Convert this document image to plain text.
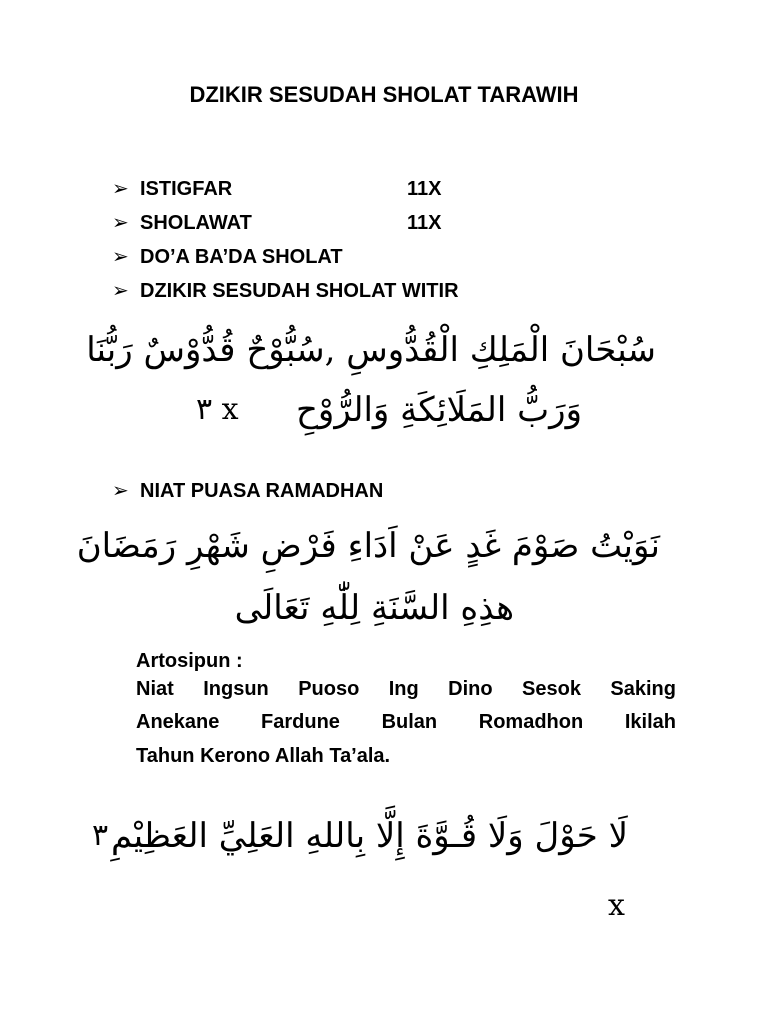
DZIKIR SESUDAH SHOLAT TARAWIH
➢ ISTIGFAR	11X
➢ SHOLAWAT	11X
➢ DO’A BA’DA SHOLAT
➢ DZIKIR SESUDAH SHOLAT WITIR
سُبْحَانَ الْمَلِكِ الْقُدُّوسِ ,سُبُّوْحٌ قُدُّوْسٌ رَبُّنَا
وَرَبُّ المَلَائِكَةِ وَالرُّوْحِ
٣ x
➢ NIAT PUASA RAMADHAN
نَوَيْتُ صَوْمَ غَدٍ عَنْ اَدَاءِ فَرْضِ شَهْرِ رَمَضَانَ
هذِهِ السَّنَةِ لِلّٰهِ تَعَالَى
Artosipun :
Niat Ingsun Puoso Ing Dino Sesok Saking
Anekane Fardune Bulan Romadhon Ikilah
Tahun Kerono Allah Ta’ala.
لَا حَوْلَ وَلَا قُـوَّةَ إِلَّا بِاللهِ العَلِيِّ العَظِيْمِ
٣
x
